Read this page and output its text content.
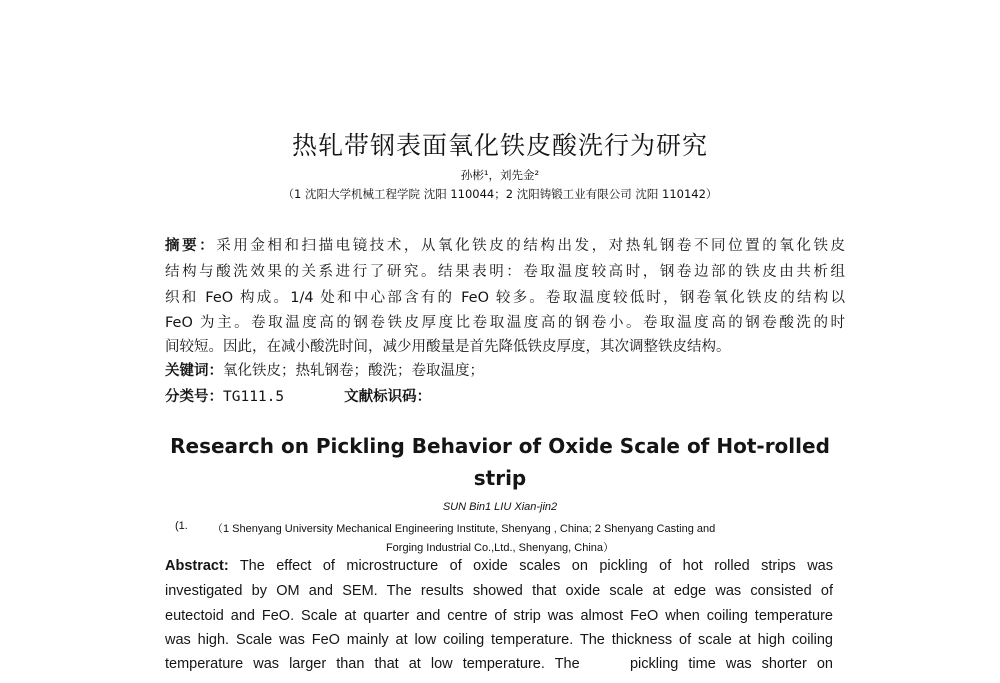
热轧带钢表面氧化铁皮酸洗行为研究
孙彬¹，刘先金²
（1 沈阳大学机械工程学院 沈阳 110044；2 沈阳铸锻工业有限公司 沈阳 110142）
摘要：采用金相和扫描电镜技术，从氧化铁皮的结构出发，对热轧钢卷不同位置的氧化铁皮
结构与酸洗效果的关系进行了研究。结果表明：卷取温度较高时，钢卷边部的铁皮由共析组
织和 FeO 构成。1/4 处和中心部含有的 FeO 较多。卷取温度较低时，钢卷氧化铁皮的结构以
FeO 为主。卷取温度高的钢卷铁皮厚度比卷取温度高的钢卷小。卷取温度高的钢卷酸洗的时
间较短。因此，在减小酸洗时间，减少用酸量是首先降低铁皮厚度，其次调整铁皮结构。
关键词：氧化铁皮；热轧钢卷；酸洗；卷取温度；
分类号：TG111.5	文献标识码：
Research on Pickling Behavior of Oxide Scale of Hot-rolled
strip
SUN Bin1 LIU Xian-jin2
(1. （1 Shenyang University Mechanical Engineering Institute, Shenyang , China; 2 Shenyang Casting and
Forging Industrial Co.,Ltd., Shenyang, China）
Abstract: The effect of microstructure of oxide scales on pickling of hot rolled strips was
investigated by OM and SEM. The results showed that oxide scale at edge was consisted of
eutectoid and FeO. Scale at quarter and centre of strip was almost FeO when coiling temperature
was high. Scale was FeO mainly at low coiling temperature. The thickness of scale at high coiling
temperature was larger than that at low temperature. The     pickling time was shorter on
